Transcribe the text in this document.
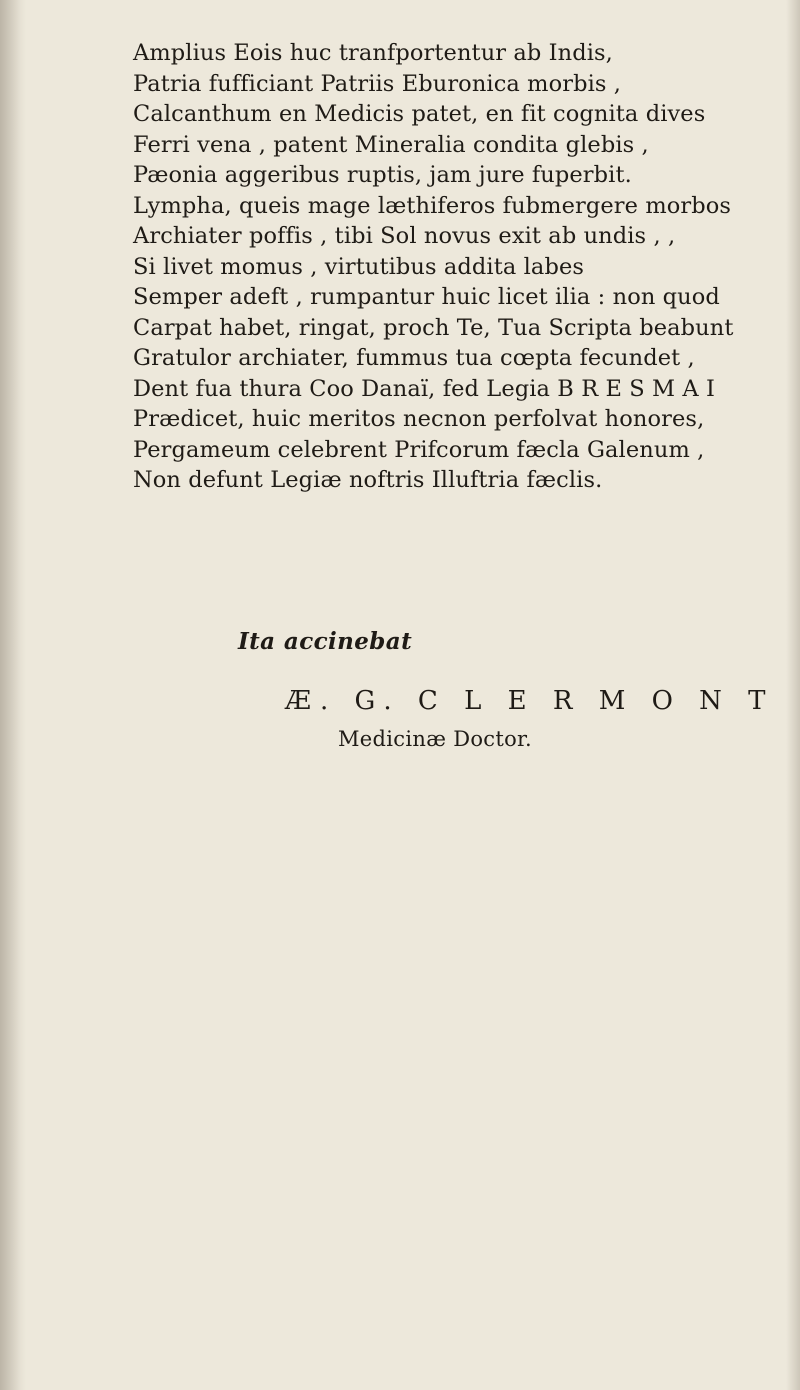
Amplius Eois huc tranfportentur ab Indis,

Patria fufficiant Patriis Eburonica morbis ,

Calcanthum en Medicis patet, en fit cognita dives

Ferri vena , patent Mineralia condita glebis ,

Pæonia aggeribus ruptis, jam jure fuperbit.

Lympha, queis mage læthiferos fubmergere morbos

Archiater poffis , tibi Sol novus exit ab undis , ,

Si livet momus , virtutibus addita labes

Semper adeft , rumpantur huic licet ilia : non quod

Carpat habet, ringat, proch Te, Tua Scripta beabunt

Gratulor archiater, fummus tua cœpta fecundet ,

Dent fua thura Coo Danaï, fed Legia B R E S M A I

Prædicet, huic meritos necnon perfolvat honores,

Pergameum celebrent Prifcorum fæcla Galenum ,

Non defunt Legiæ noftris Illuftria fæclis.

Ita accinebat
Æ. G. C L E R M O N T
Medicinæ Doctor.
